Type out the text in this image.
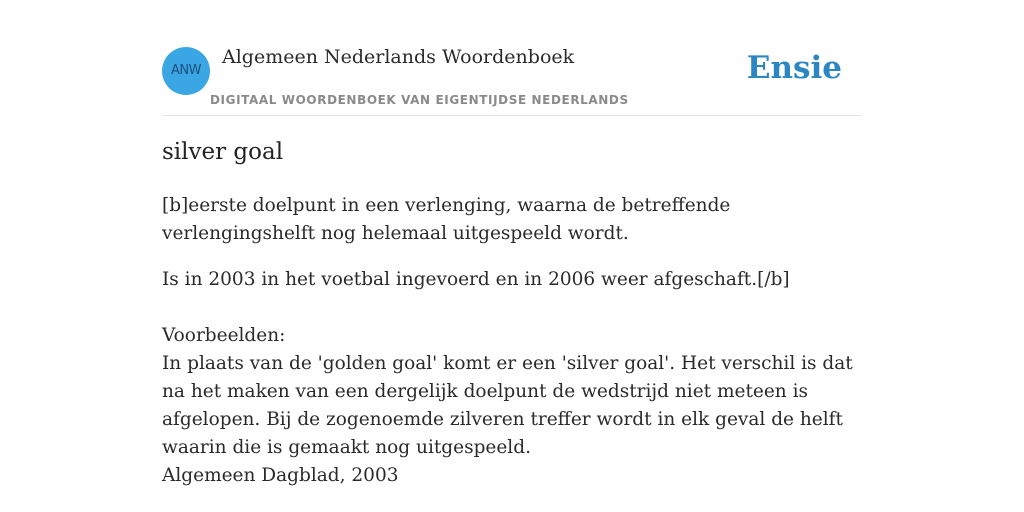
ANW
Algemeen Nederlands Woordenboek
DIGITAAL WOORDENBOEK VAN EIGENTIJDSE NEDERLANDS
Ensie
silver goal

[b]eerste doelpunt in een verlenging, waarna de betreffende verlengingshelft nog helemaal uitgespeeld wordt.

Is in 2003 in het voetbal ingevoerd en in 2006 weer afgeschaft.[/b]

Voorbeelden:

In plaats van de 'golden goal' komt er een 'silver goal'. Het verschil is dat na het maken van een dergelijk doelpunt de wedstrijd niet meteen is afgelopen. Bij de zogenoemde zilveren treffer wordt in elk geval de helft waarin die is gemaakt nog uitgespeeld.

Algemeen Dagblad, 2003
